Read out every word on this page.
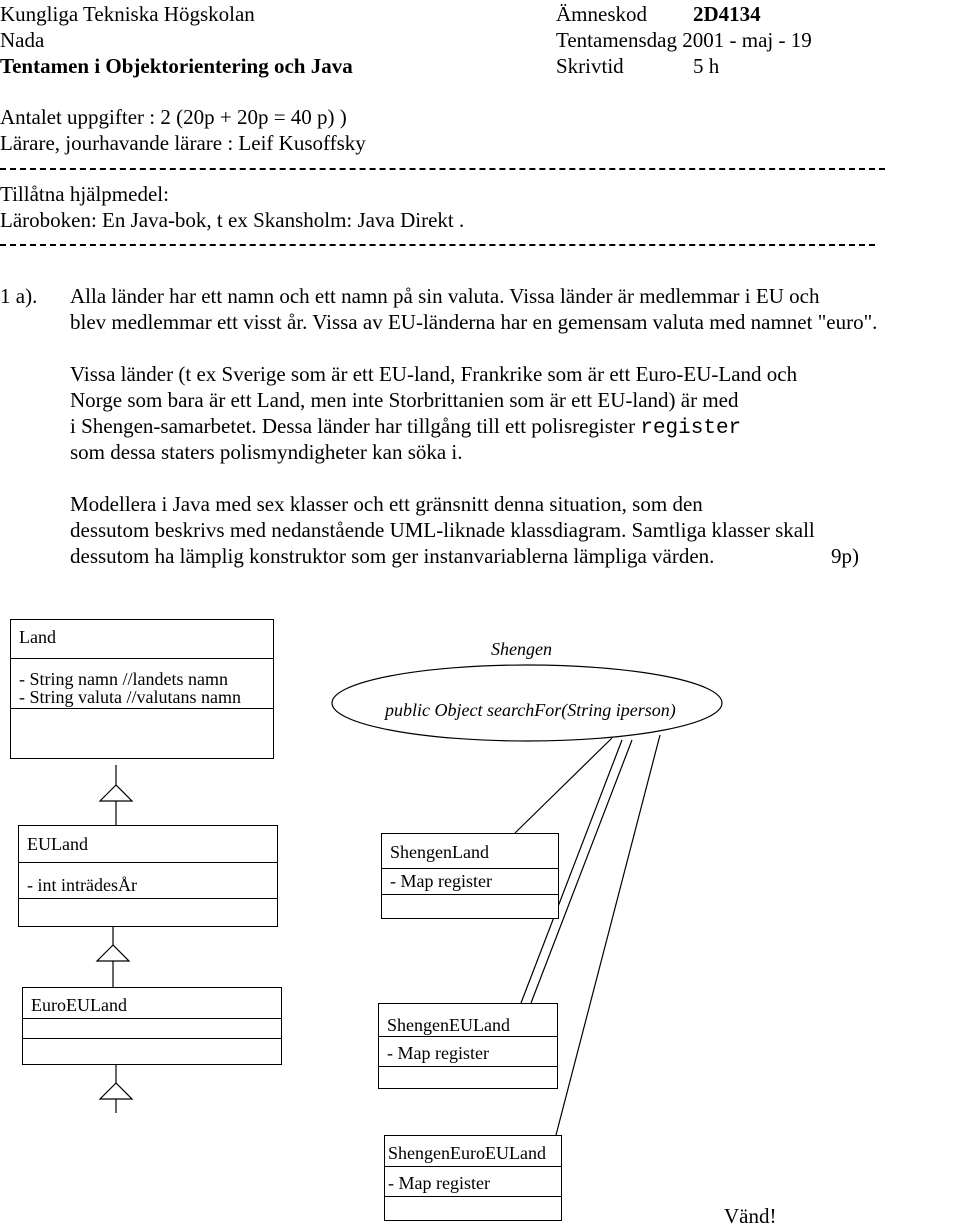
Kungliga Tekniska Högskolan	Ämneskod 2D4134
Nada	Tentamensdag 2001 - maj - 19
Tentamen i Objektorientering och Java	Skrivtid	5 h
Antalet uppgifter : 2 (20p + 20p = 40 p) )
Lärare, jourhavande lärare : Leif Kusoffsky
Tillåtna hjälpmedel:
Läroboken: En Java-bok, t ex Skansholm: Java Direkt .
1 a). Alla länder har ett namn och ett namn på sin valuta. Vissa länder är medlemmar i EU och
blev medlemmar ett visst år. Vissa av EU-länderna har en gemensam valuta med namnet "euro".
Vissa länder (t ex Sverige som är ett EU-land, Frankrike som är ett Euro-EU-Land och
Norge som bara är ett Land, men inte Storbrittanien som är ett EU-land) är med
i Shengen-samarbetet. Dessa länder har tillgång till ett polisregister register
som dessa staters polismyndigheter kan söka i.
Modellera i Java med sex klasser och ett gränsnitt denna situation, som den
dessutom beskrivs med nedanstående UML-liknade klassdiagram. Samtliga klasser skall
dessutom ha lämplig konstruktor som ger instanvariablerna lämpliga värden.	9p)
Land
- String namn //landets namn
- String valuta //valutans namn
Shengen
public Object searchFor(String iperson)
EULand
- int inträdesÅr
ShengenLand
- Map register
EuroEULand
ShengenEULand
- Map register
ShengenEuroEULand
- Map register
Vänd!
